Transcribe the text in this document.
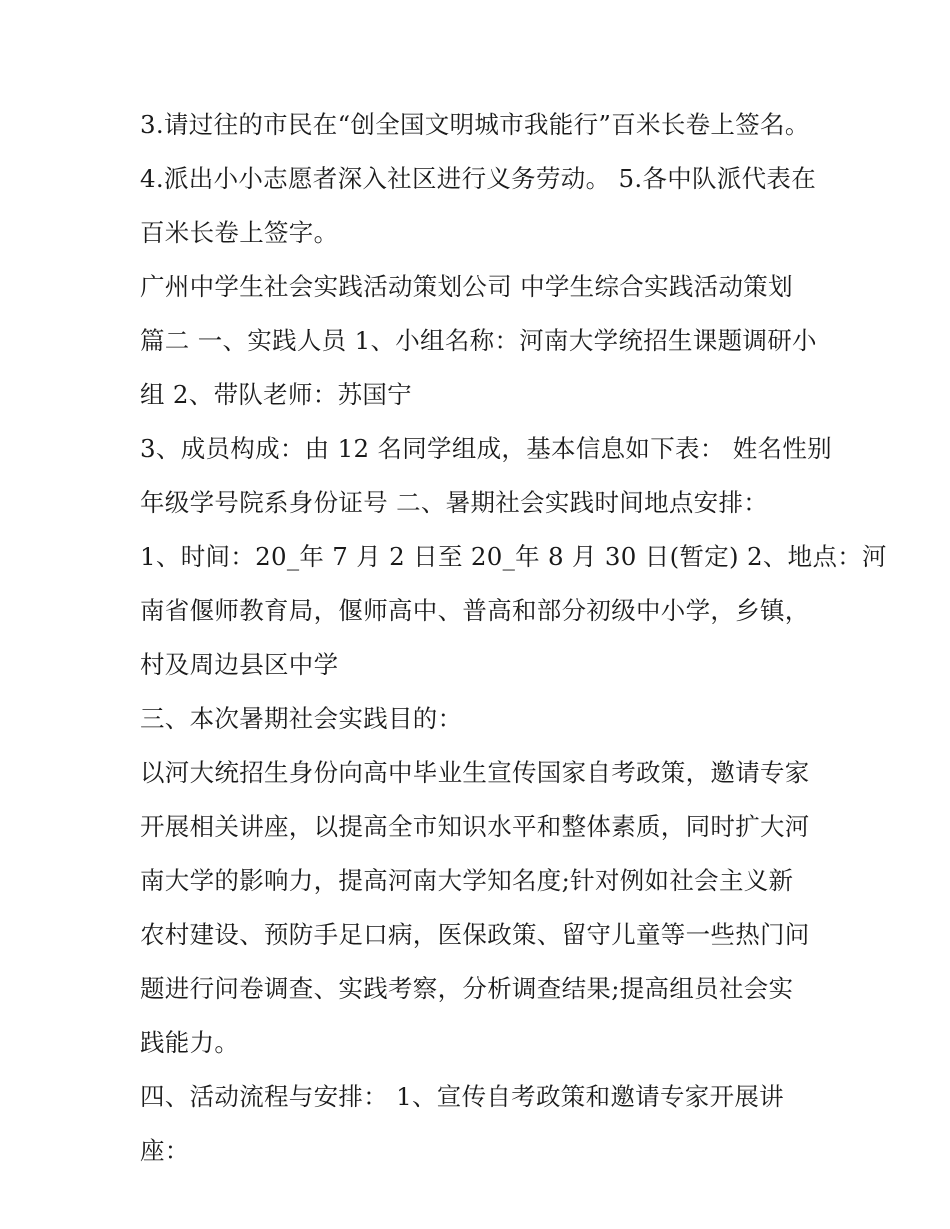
3.请过往的市民在“创全国文明城市我能行”百米长卷上签名。
4.派出小小志愿者深入社区进行义务劳动。 5.各中队派代表在
百米长卷上签字。
广州中学生社会实践活动策划公司 中学生综合实践活动策划
篇二 一、实践人员 1、小组名称：河南大学统招生课题调研小
组 2、带队老师：苏国宁
3、成员构成：由 12 名同学组成，基本信息如下表： 姓名性别
年级学号院系身份证号 二、暑期社会实践时间地点安排：
1、时间：20_年 7 月 2 日至 20_年 8 月 30 日(暂定) 2、地点：河
南省偃师教育局，偃师高中、普高和部分初级中小学，乡镇，
村及周边县区中学
三、本次暑期社会实践目的：
以河大统招生身份向高中毕业生宣传国家自考政策，邀请专家
开展相关讲座，以提高全市知识水平和整体素质，同时扩大河
南大学的影响力，提高河南大学知名度;针对例如社会主义新
农村建设、预防手足口病，医保政策、留守儿童等一些热门问
题进行问卷调查、实践考察，分析调查结果;提高组员社会实
践能力。
四、活动流程与安排： 1、宣传自考政策和邀请专家开展讲
座：
